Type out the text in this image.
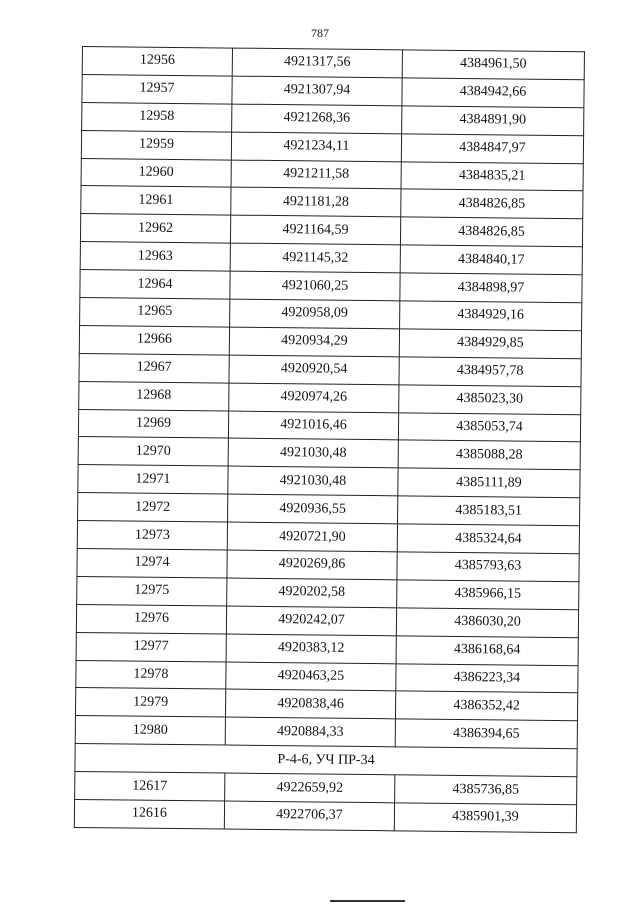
787
12956	4921317,56	4384961,50
12957	4921307,94	4384942,66
12958	4921268,36	4384891,90
12959	4921234,11	4384847,97
12960	4921211,58	4384835,21
12961	4921181,28	4384826,85
12962	4921164,59	4384826,85
12963	4921145,32	4384840,17
12964	4921060,25	4384898,97
12965	4920958,09	4384929,16
12966	4920934,29	4384929,85
12967	4920920,54	4384957,78
12968	4920974,26	4385023,30
12969	4921016,46	4385053,74
12970	4921030,48	4385088,28
12971	4921030,48	4385111,89
12972	4920936,55	4385183,51
12973	4920721,90	4385324,64
12974	4920269,86	4385793,63
12975	4920202,58	4385966,15
12976	4920242,07	4386030,20
12977	4920383,12	4386168,64
12978	4920463,25	4386223,34
12979	4920838,46	4386352,42
12980	4920884,33	4386394,65
Р-4-6, УЧ ПР-34		
12617	4922659,92	4385736,85
12616	4922706,37	4385901,39
